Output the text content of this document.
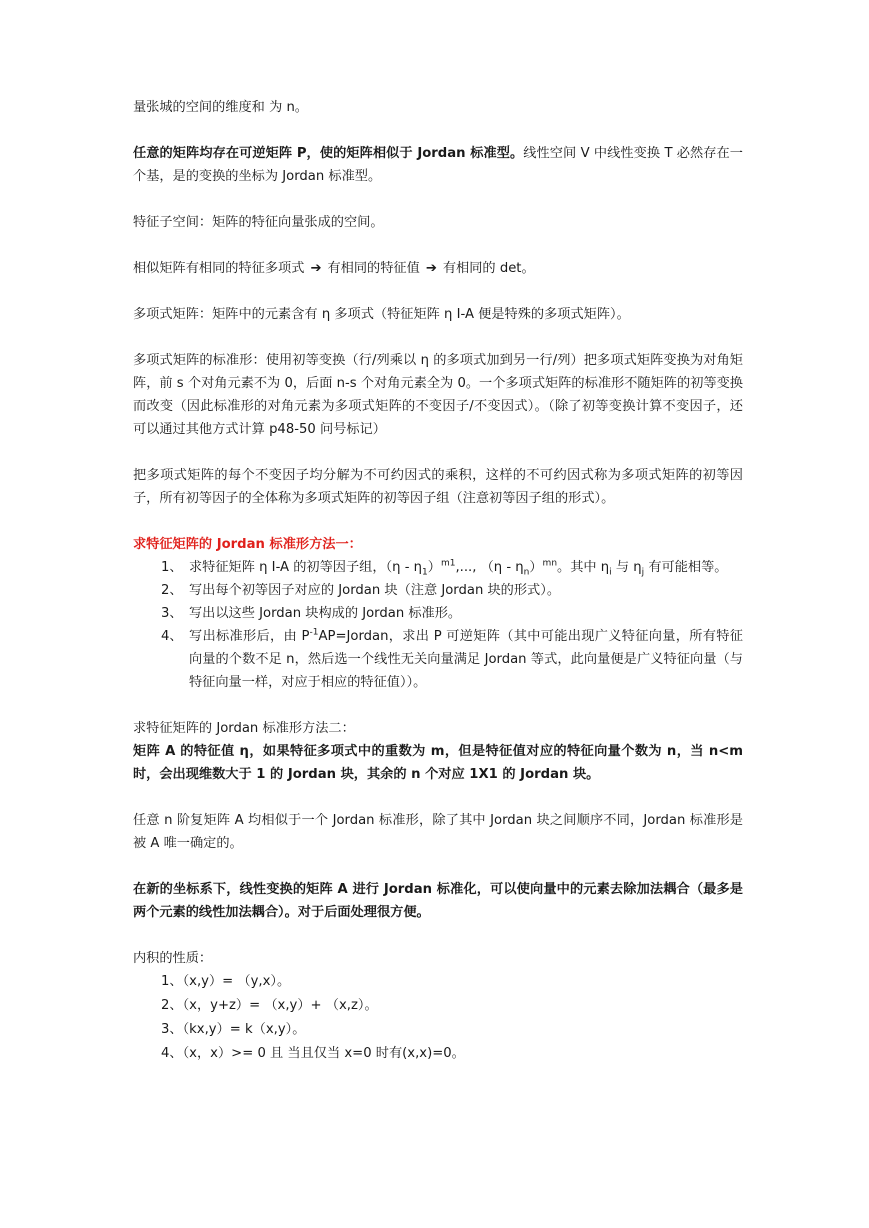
量张城的空间的维度和 为 n。

任意的矩阵均存在可逆矩阵 P，使的矩阵相似于 Jordan 标准型。线性空间 V 中线性变换 T 必然存在一个基，是的变换的坐标为 Jordan 标准型。

特征子空间：矩阵的特征向量张成的空间。

相似矩阵有相同的特征多项式 ➔ 有相同的特征值 ➔ 有相同的 det。

多项式矩阵：矩阵中的元素含有 η 多项式（特征矩阵 η I-A 便是特殊的多项式矩阵）。

多项式矩阵的标准形：使用初等变换（行/列乘以 η 的多项式加到另一行/列）把多项式矩阵变换为对角矩阵，前 s 个对角元素不为 0，后面 n-s 个对角元素全为 0。一个多项式矩阵的标准形不随矩阵的初等变换而改变（因此标准形的对角元素为多项式矩阵的不变因子/不变因式）。（除了初等变换计算不变因子，还可以通过其他方式计算 p48-50 问号标记）

把多项式矩阵的每个不变因子均分解为不可约因式的乘积，这样的不可约因式称为多项式矩阵的初等因子，所有初等因子的全体称为多项式矩阵的初等因子组（注意初等因子组的形式）。

求特征矩阵的 Jordan 标准形方法一：

1、 求特征矩阵 η I-A 的初等因子组，$(\eta - \eta_1)^{m1}$,..., $(\eta - \eta_n)^{mn}$。其中 $\eta_i$ 与 $\eta_j$ 有可能相等。
2、 写出每个初等因子对应的 Jordan 块（注意 Jordan 块的形式）。
3、 写出以这些 Jordan 块构成的 Jordan 标准形。
4、 写出标准形后，由 $P^{-1}AP=Jordan$，求出 P 可逆矩阵（其中可能出现广义特征向量，所有特征向量的个数不足 n，然后选一个线性无关向量满足 Jordan 等式，此向量便是广义特征向量（与特征向量一样，对应于相应的特征值））。

求特征矩阵的 Jordan 标准形方法二：

矩阵 A 的特征值 η，如果特征多项式中的重数为 m，但是特征值对应的特征向量个数为 n，当 n<m 时，会出现维数大于 1 的 Jordan 块，其余的 n 个对应 1X1 的 Jordan 块。

任意 n 阶复矩阵 A 均相似于一个 Jordan 标准形，除了其中 Jordan 块之间顺序不同，Jordan 标准形是被 A 唯一确定的。

在新的坐标系下，线性变换的矩阵 A 进行 Jordan 标准化，可以使向量中的元素去除加法耦合（最多是两个元素的线性加法耦合）。对于后面处理很方便。

内积的性质：

1、（x,y）= （y,x）。
2、（x，y+z）= （x,y）+ （x,z）。
3、（kx,y）= k（x,y）。
4、（x，x）>= 0 且 当且仅当 x=0 时有(x,x)=0。
